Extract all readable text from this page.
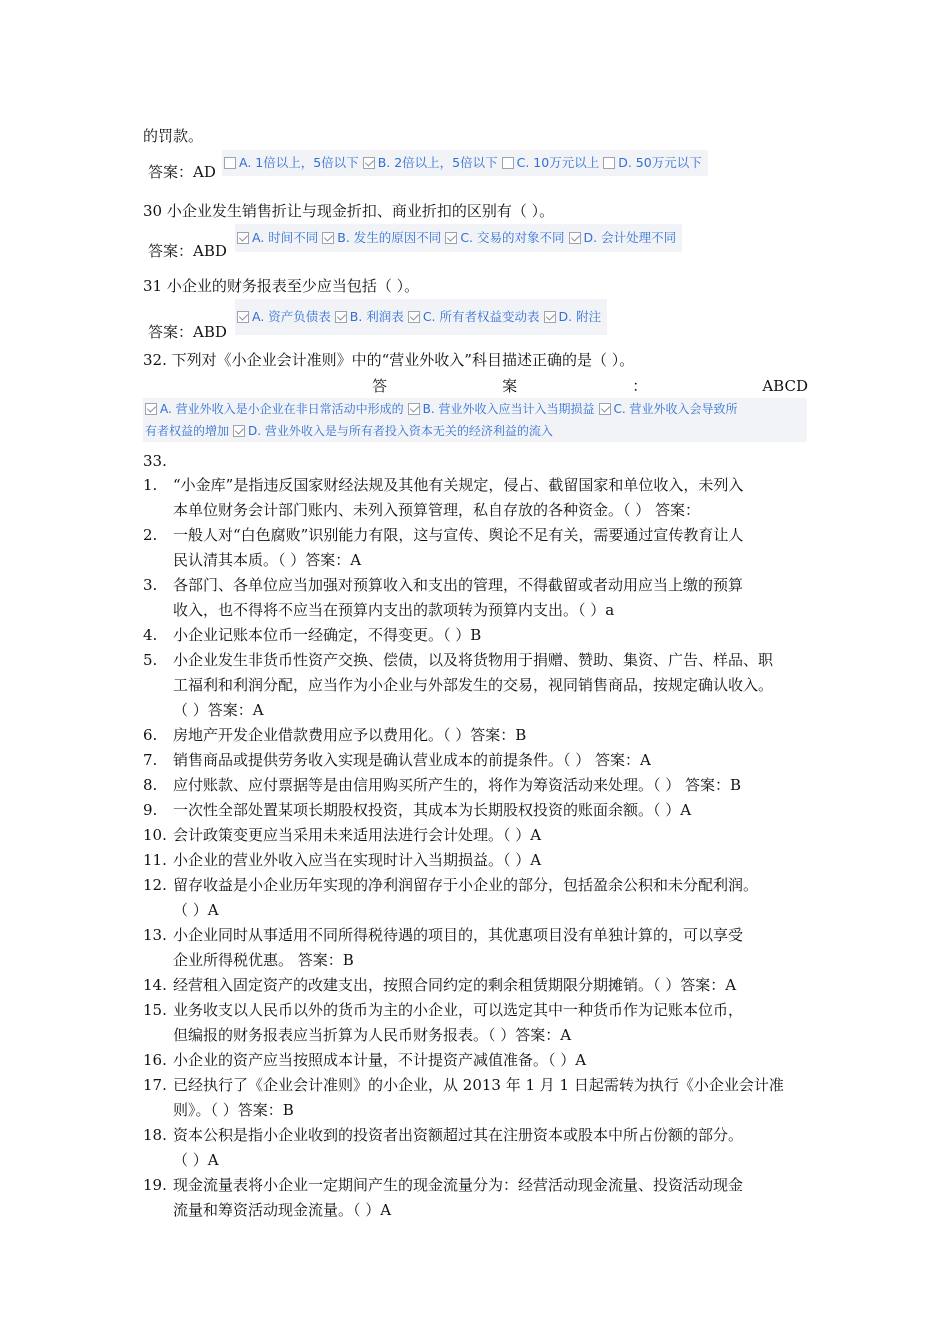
的罚款。
答案：AD
A. 1倍以上，5倍以下 B. 2倍以上，5倍以下 C. 10万元以上 D. 50万元以下
30 小企业发生销售折让与现金折扣、商业折扣的区别有（ ）。
答案：ABD
A. 时间不同 B. 发生的原因不同 C. 交易的对象不同 D. 会计处理不同
31 小企业的财务报表至少应当包括（ ）。
答案：ABD
A. 资产负债表 B. 利润表 C. 所有者权益变动表 D. 附注
32. 下列对《小企业会计准则》中的“营业外收入”科目描述正确的是（ ）。
答	案	：	ABCD
A. 营业外收入是小企业在非日常活动中形成的 B. 营业外收入应当计入当期损益 C. 营业外收入会导致所
有者权益的增加 D. 营业外收入是与所有者投入资本无关的经济利益的流入
33.
1. “小金库”是指违反国家财经法规及其他有关规定，侵占、截留国家和单位收入，未列入
本单位财务会计部门账内、未列入预算管理，私自存放的各种资金。（ ） 答案：
2. 一般人对“白色腐败”识别能力有限，这与宣传、舆论不足有关，需要通过宣传教育让人
民认清其本质。（ ）答案：A
3. 各部门、各单位应当加强对预算收入和支出的管理，不得截留或者动用应当上缴的预算
收入，也不得将不应当在预算内支出的款项转为预算内支出。（ ）a
4. 小企业记账本位币一经确定，不得变更。（ ）B
5. 小企业发生非货币性资产交换、偿债，以及将货物用于捐赠、赞助、集资、广告、样品、职
工福利和利润分配，应当作为小企业与外部发生的交易，视同销售商品，按规定确认收入。
（ ）答案：A
6. 房地产开发企业借款费用应予以费用化。（ ）答案：B
7. 销售商品或提供劳务收入实现是确认营业成本的前提条件。（ ） 答案：A
8. 应付账款、应付票据等是由信用购买所产生的，将作为筹资活动来处理。（ ） 答案：B
9. 一次性全部处置某项长期股权投资，其成本为长期股权投资的账面余额。（ ）A
10. 会计政策变更应当采用未来适用法进行会计处理。（ ）A
11. 小企业的营业外收入应当在实现时计入当期损益。（ ）A
12. 留存收益是小企业历年实现的净利润留存于小企业的部分，包括盈余公积和未分配利润。
（ ）A
13. 小企业同时从事适用不同所得税待遇的项目的，其优惠项目没有单独计算的，可以享受
企业所得税优惠。 答案：B
14. 经营租入固定资产的改建支出，按照合同约定的剩余租赁期限分期摊销。（ ）答案：A
15. 业务收支以人民币以外的货币为主的小企业，可以选定其中一种货币作为记账本位币，
但编报的财务报表应当折算为人民币财务报表。（ ）答案：A
16. 小企业的资产应当按照成本计量，不计提资产减值准备。（ ）A
17. 已经执行了《企业会计准则》的小企业，从 2013 年 1 月 1 日起需转为执行《小企业会计准
则》。（ ）答案：B
18. 资本公积是指小企业收到的投资者出资额超过其在注册资本或股本中所占份额的部分。
（ ）A
19. 现金流量表将小企业一定期间产生的现金流量分为：经营活动现金流量、投资活动现金
流量和筹资活动现金流量。（ ）A
